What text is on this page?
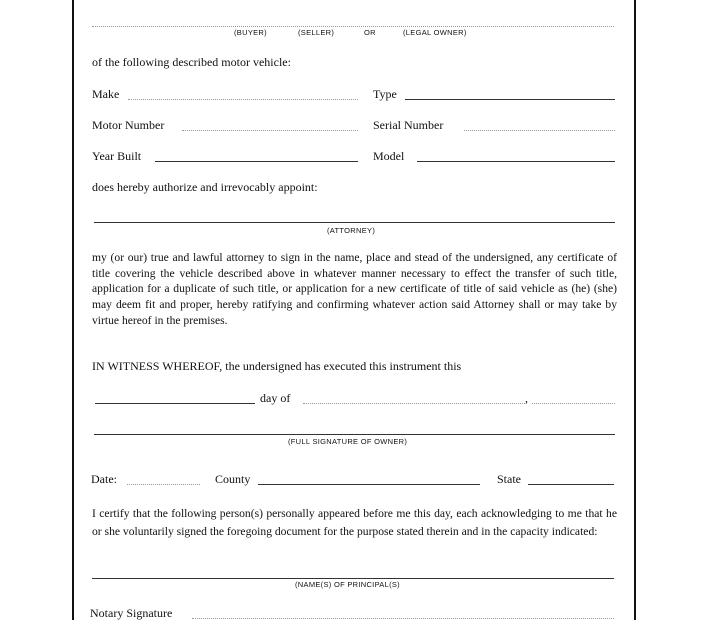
(BUYER)	(SELLER)	OR	(LEGAL OWNER)
of the following described motor vehicle:
Make	Type
Motor Number	Serial Number
Year Built	Model
does hereby authorize and irrevocably appoint:
(ATTORNEY)
my (or our) true and lawful attorney to sign in the name, place and stead of the undersigned, any certificate of title covering the vehicle described above in whatever manner necessary to effect the transfer of such title, application for a duplicate of such title, or application for a new certificate of title of said vehicle as (he) (she) may deem fit and proper, hereby ratifying and confirming whatever action said Attorney shall or may take by virtue hereof in the premises.
IN WITNESS WHEREOF, the undersigned has executed this instrument this
day of	,
(FULL SIGNATURE OF OWNER)
Date:	County	State
I certify that the following person(s) personally appeared before me this day, each acknowledging to me that he or she voluntarily signed the foregoing document for the purpose stated therein and in the capacity indicated:
(NAME(S) OF PRINCIPAL(S)
Notary Signature
